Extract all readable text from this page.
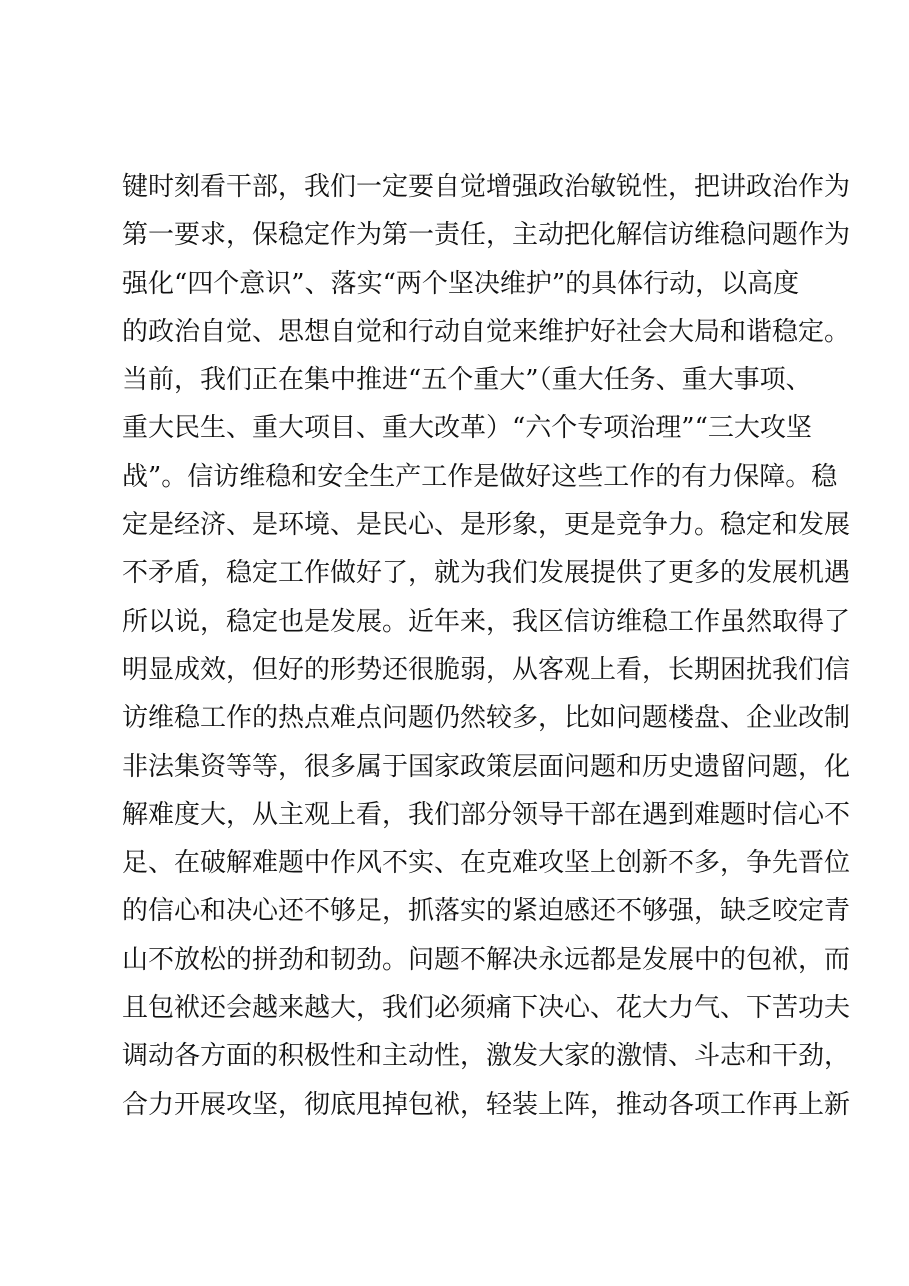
键时刻看干部，我们一定要自觉增强政治敏锐性，把讲政治作为
第一要求，保稳定作为第一责任，主动把化解信访维稳问题作为
强化“四个意识”、落实“两个坚决维护”的具体行动，以高度
的政治自觉、思想自觉和行动自觉来维护好社会大局和谐稳定。
当前，我们正在集中推进“五个重大”（重大任务、重大事项、
重大民生、重大项目、重大改革）“六个专项治理”“三大攻坚
战”。信访维稳和安全生产工作是做好这些工作的有力保障。稳
定是经济、是环境、是民心、是形象，更是竞争力。稳定和发展
不矛盾，稳定工作做好了，就为我们发展提供了更多的发展机遇
所以说，稳定也是发展。近年来，我区信访维稳工作虽然取得了
明显成效，但好的形势还很脆弱，从客观上看，长期困扰我们信
访维稳工作的热点难点问题仍然较多，比如问题楼盘、企业改制
非法集资等等，很多属于国家政策层面问题和历史遗留问题，化
解难度大，从主观上看，我们部分领导干部在遇到难题时信心不
足、在破解难题中作风不实、在克难攻坚上创新不多，争先晋位
的信心和决心还不够足，抓落实的紧迫感还不够强，缺乏咬定青
山不放松的拼劲和韧劲。问题不解决永远都是发展中的包袱，而
且包袱还会越来越大，我们必须痛下决心、花大力气、下苦功夫
调动各方面的积极性和主动性，激发大家的激情、斗志和干劲，
合力开展攻坚，彻底甩掉包袱，轻装上阵，推动各项工作再上新
